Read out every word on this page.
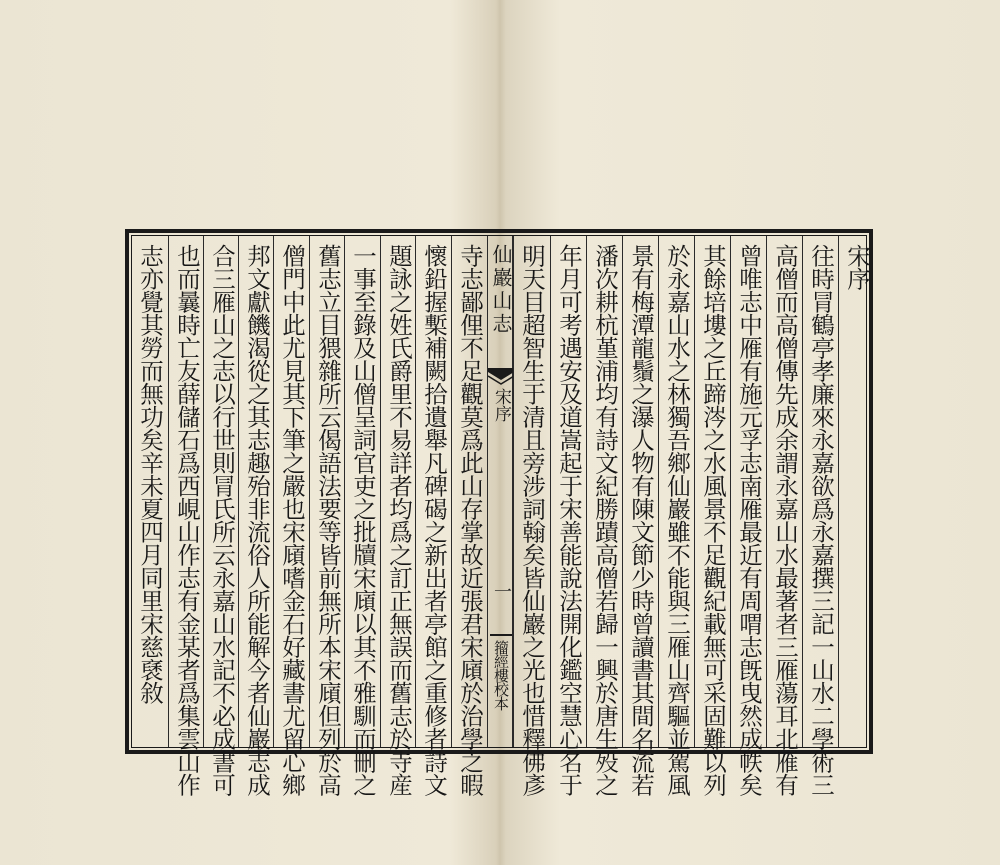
寺志鄙俚不足觀莫爲此山存掌故近張君宋廎於治學之暇
懷鉛握槧補闕拾遺舉凡碑碣之新出者亭館之重修者詩文
題詠之姓氏爵里不易詳者均爲之訂正無誤而舊志於寺産
一事至錄及山僧呈詞官吏之批牘宋廎以其不雅馴而刪之
舊志立目猥雜所云偈語法要等皆前無所本宋廎但列於高
僧門中此尤見其下筆之嚴也宋廎嗜金石好藏書尤留心鄉
邦文獻饑渴從之其志趣殆非流俗人所能解今者仙巖志成
合三雁山之志以行世則冐氏所云永嘉山水記不必成書可
也而曩時亡友薛儲石爲西峴山作志有金某者爲集雲山作
志亦覺其勞而無功矣辛未夏四月同里宋慈褎敘	仙巖山志
宋序
一
籀經樓校本
宋序
往時冐鶴亭孝廉來永嘉欲爲永嘉撰三記一山水二學術三
高僧而高僧傳先成余謂永嘉山水最著者三雁蕩耳北雁有
曾唯志中雁有施元孚志南雁最近有周喟志旣曳然成帙矣
其餘培塿之丘蹄涔之水風景不足觀紀載無可采固難以列
於永嘉山水之林獨吾鄉仙巖雖不能與三雁山齊驅並駕風
景有梅潭龍鬚之瀑人物有陳文節少時曾讀書其間名流若
潘次耕杭堇浦均有詩文紀勝蹟高僧若歸一興於唐生殁之
年月可考遇安及道嵩起于宋善能說法開化鑑空慧心名于
明天目超智生于清且旁涉詞翰矣皆仙巖之光也惜釋佛彥
